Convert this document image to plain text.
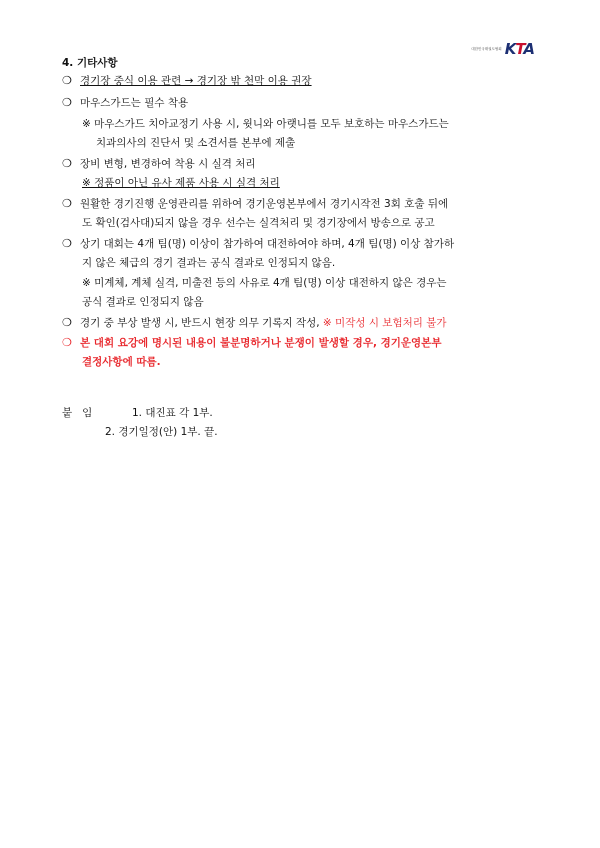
대한민국태권도협회 KTA
4. 기타사항
❍ 경기장 중식 이용 관련 → 경기장 밖 천막 이용 권장
❍ 마우스가드는 필수 착용
※ 마우스가드 치아교정기 사용 시, 윗니와 아랫니를 모두 보호하는 마우스가드는
치과의사의 진단서 및 소견서를 본부에 제출
❍ 장비 변형, 변경하여 착용 시 실격 처리
※ 정품이 아닌 유사 제품 사용 시 실격 처리
❍ 원활한 경기진행 운영관리를 위하여 경기운영본부에서 경기시작전 3회 호출 뒤에
도 확인(검사대)되지 않을 경우 선수는 실격처리 및 경기장에서 방송으로 공고
❍ 상기 대회는 4개 팀(명) 이상이 참가하여 대전하여야 하며, 4개 팀(명) 이상 참가하
지 않은 체급의 경기 결과는 공식 결과로 인정되지 않음.
※ 미계체, 계체 실격, 미출전 등의 사유로 4개 팀(명) 이상 대전하지 않은 경우는
공식 결과로 인정되지 않음
❍ 경기 중 부상 발생 시, 반드시 현장 의무 기록지 작성, ※ 미작성 시 보험처리 불가
❍ 본 대회 요강에 명시된 내용이 불분명하거나 분쟁이 발생할 경우, 경기운영본부
결정사항에 따름.
붙임	1. 대진표 각 1부.
2. 경기일정(안) 1부. 끝.
